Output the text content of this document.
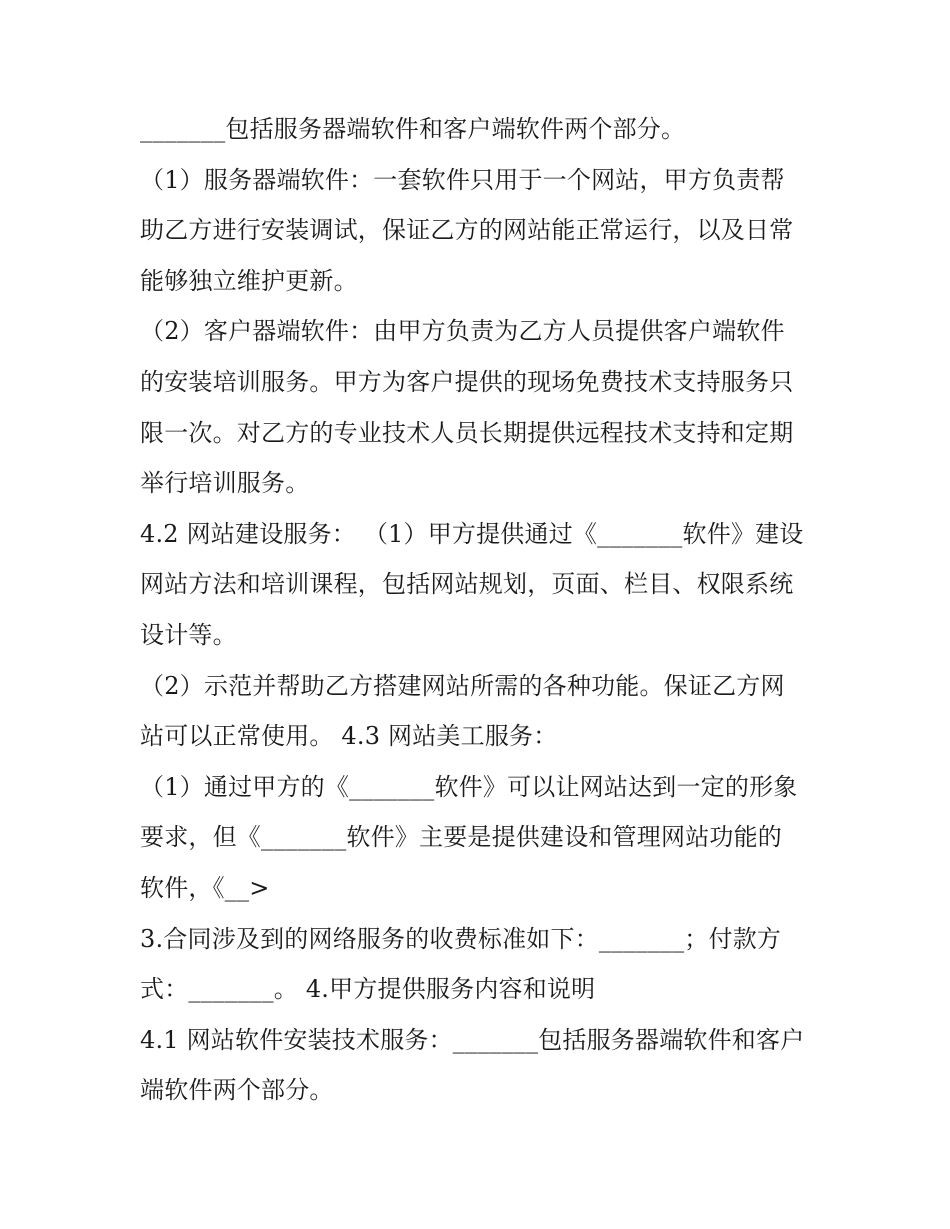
_______包括服务器端软件和客户端软件两个部分。
（1）服务器端软件：一套软件只用于一个网站，甲方负责帮
助乙方进行安装调试，保证乙方的网站能正常运行，以及日常
能够独立维护更新。
（2）客户器端软件：由甲方负责为乙方人员提供客户端软件
的安装培训服务。甲方为客户提供的现场免费技术支持服务只
限一次。对乙方的专业技术人员长期提供远程技术支持和定期
举行培训服务。
4.2 网站建设服务： （1）甲方提供通过《_______软件》建设
网站方法和培训课程，包括网站规划，页面、栏目、权限系统
设计等。
（2）示范并帮助乙方搭建网站所需的各种功能。保证乙方网
站可以正常使用。 4.3 网站美工服务：
（1）通过甲方的《_______软件》可以让网站达到一定的形象
要求，但《_______软件》主要是提供建设和管理网站功能的
软件，《__>
3.合同涉及到的网络服务的收费标准如下：_______；付款方
式：_______。 4.甲方提供服务内容和说明
4.1 网站软件安装技术服务：_______包括服务器端软件和客户
端软件两个部分。
